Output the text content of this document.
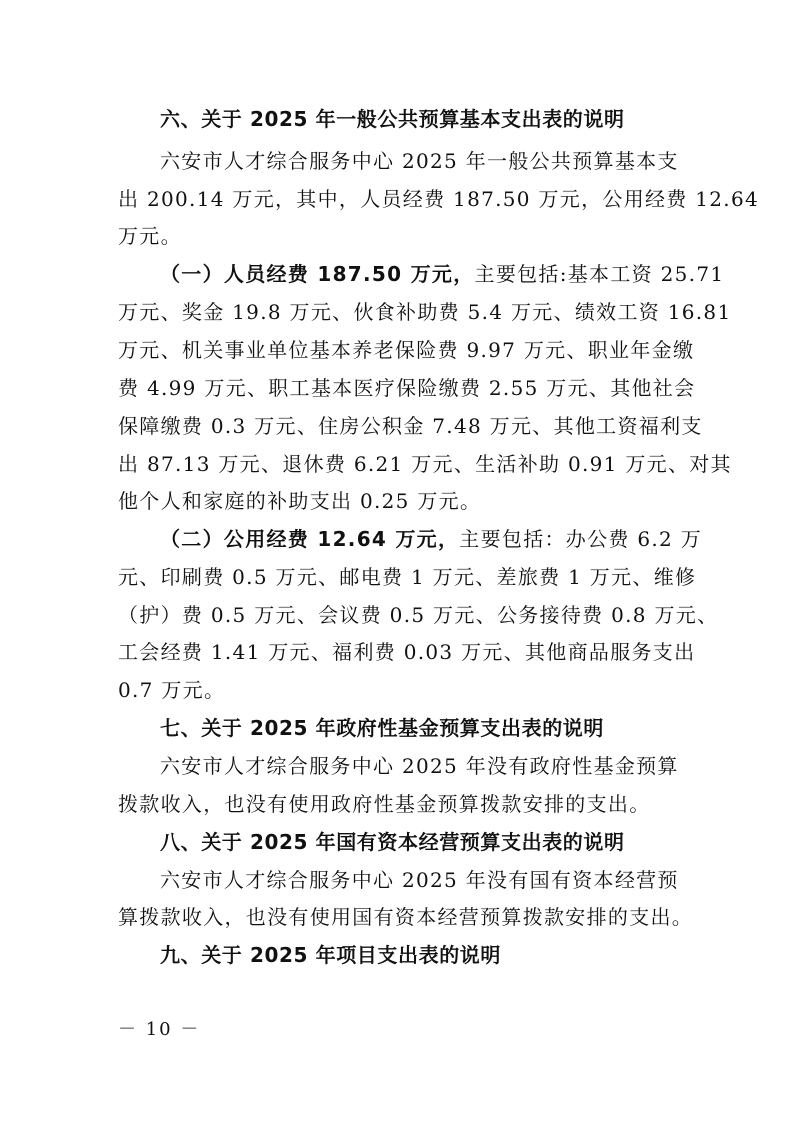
六、关于 2025 年一般公共预算基本支出表的说明
六安市人才综合服务中心 2025 年一般公共预算基本支
出 200.14 万元，其中，人员经费 187.50 万元，公用经费 12.64
万元。
（一）人员经费 187.50 万元，主要包括:基本工资 25.71
万元、奖金 19.8 万元、伙食补助费 5.4 万元、绩效工资 16.81
万元、机关事业单位基本养老保险费 9.97 万元、职业年金缴
费 4.99 万元、职工基本医疗保险缴费 2.55 万元、其他社会
保障缴费 0.3 万元、住房公积金 7.48 万元、其他工资福利支
出 87.13 万元、退休费 6.21 万元、生活补助 0.91 万元、对其
他个人和家庭的补助支出 0.25 万元。
（二）公用经费 12.64 万元，主要包括：办公费 6.2 万
元、印刷费 0.5 万元、邮电费 1 万元、差旅费 1 万元、维修
（护）费 0.5 万元、会议费 0.5 万元、公务接待费 0.8 万元、
工会经费 1.41 万元、福利费 0.03 万元、其他商品服务支出
0.7 万元。
七、关于 2025 年政府性基金预算支出表的说明
六安市人才综合服务中心 2025 年没有政府性基金预算
拨款收入，也没有使用政府性基金预算拨款安排的支出。
八、关于 2025 年国有资本经营预算支出表的说明
六安市人才综合服务中心 2025 年没有国有资本经营预
算拨款收入，也没有使用国有资本经营预算拨款安排的支出。
九、关于 2025 年项目支出表的说明
－ 10 －
